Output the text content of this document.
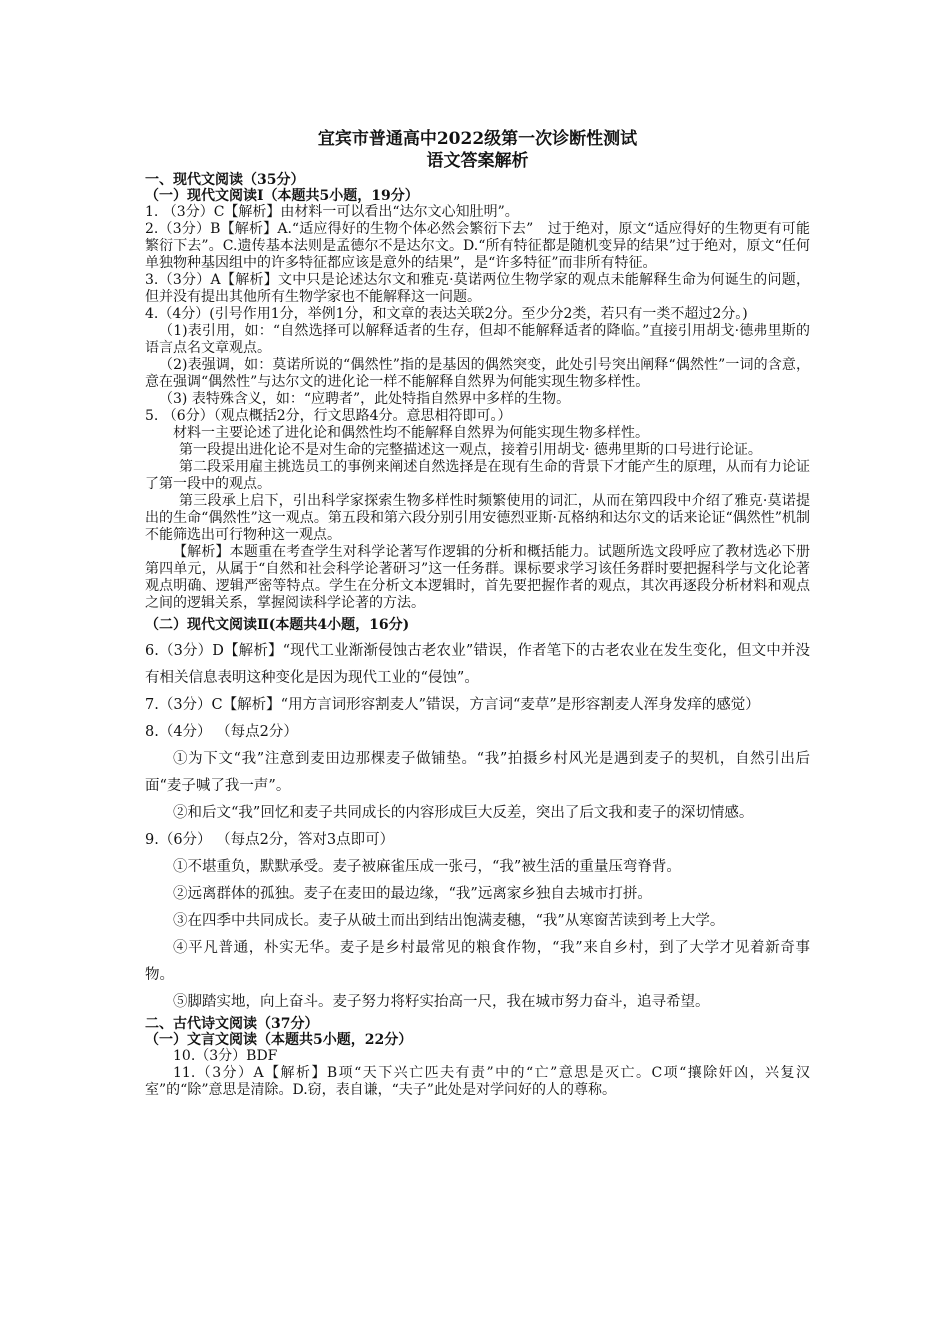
宜宾市普通高中2022级第一次诊断性测试

语文答案解析

一、现代文阅读（35分）

（一）现代文阅读Ⅰ（本题共5小题，19分）

1. （3分）C【解析】由材料一可以看出“达尔文心知肚明”。

2.（3分）B【解析】A.“适应得好的生物个体必然会繁衍下去”　过于绝对，原文“适应得好的生物更有可能繁衍下去”。C.遗传基本法则是孟德尔不是达尔文。D.“所有特征都是随机变异的结果”过于绝对，原文“任何单独物种基因组中的许多特征都应该是意外的结果”，是“许多特征”而非所有特征。

3.（3分）A【解析】文中只是论述达尔文和雅克·莫诺两位生物学家的观点未能解释生命为何诞生的问题，但并没有提出其他所有生物学家也不能解释这一问题。

4.（4分）(引号作用1分，举例1分，和文章的表达关联2分。至少分2类，若只有一类不超过2分。)

（1)表引用，如：“自然选择可以解释适者的生存，但却不能解释适者的降临。”直接引用胡戈·德弗里斯的语言点名文章观点。

（2)表强调，如：莫诺所说的“偶然性”指的是基因的偶然突变，此处引号突出阐释“偶然性”一词的含意，意在强调“偶然性”与达尔文的进化论一样不能解释自然界为何能实现生物多样性。

（3) 表特殊含义，如：“应聘者”，此处特指自然界中多样的生物。

5. （6分）（观点概括2分，行文思路4分。意思相符即可。）

材料一主要论述了进化论和偶然性均不能解释自然界为何能实现生物多样性。

第一段提出进化论不是对生命的完整描述这一观点，接着引用胡戈· 德弗里斯的口号进行论证。

第二段采用雇主挑选员工的事例来阐述自然选择是在现有生命的背景下才能产生的原理，从而有力论证了第一段中的观点。

第三段承上启下，引出科学家探索生物多样性时频繁使用的词汇，从而在第四段中介绍了雅克·莫诺提出的生命“偶然性”这一观点。第五段和第六段分别引用安德烈亚斯·瓦格纳和达尔文的话来论证“偶然性”机制不能筛选出可行物种这一观点。

【解析】本题重在考查学生对科学论著写作逻辑的分析和概括能力。试题所选文段呼应了教材选必下册第四单元，从属于“自然和社会科学论著研习”这一任务群。课标要求学习该任务群时要把握科学与文化论著观点明确、逻辑严密等特点。学生在分析文本逻辑时，首先要把握作者的观点，其次再逐段分析材料和观点之间的逻辑关系，掌握阅读科学论著的方法。

（二）现代文阅读Ⅱ(本题共4小题，16分)

6.（3分）D【解析】“现代工业渐渐侵蚀古老农业”错误，作者笔下的古老农业在发生变化，但文中并没有相关信息表明这种变化是因为现代工业的“侵蚀”。

7.（3分）C【解析】“用方言词形容割麦人”错误，方言词“麦草”是形容割麦人浑身发痒的感觉）

8.（4分） （每点2分）

①为下文“我”注意到麦田边那棵麦子做铺垫。“我”拍摄乡村风光是遇到麦子的契机，自然引出后面“麦子喊了我一声”。

②和后文“我”回忆和麦子共同成长的内容形成巨大反差，突出了后文我和麦子的深切情感。

9.（6分） （每点2分，答对3点即可）

①不堪重负，默默承受。麦子被麻雀压成一张弓，“我”被生活的重量压弯脊背。

②远离群体的孤独。麦子在麦田的最边缘，“我”远离家乡独自去城市打拼。

③在四季中共同成长。麦子从破土而出到结出饱满麦穗，“我”从寒窗苦读到考上大学。

④平凡普通，朴实无华。麦子是乡村最常见的粮食作物，“我”来自乡村，到了大学才见着新奇事物。

⑤脚踏实地，向上奋斗。麦子努力将籽实抬高一尺，我在城市努力奋斗，追寻希望。

二、古代诗文阅读（37分）

（一）文言文阅读（本题共5小题，22分）

10.（3分）BDF

11.（3分）A【解析】B项“天下兴亡匹夫有责”中的“亡”意思是灭亡。C项“攘除奸凶，兴复汉室”的“除”意思是清除。D.窃，表自谦，“夫子”此处是对学问好的人的尊称。
